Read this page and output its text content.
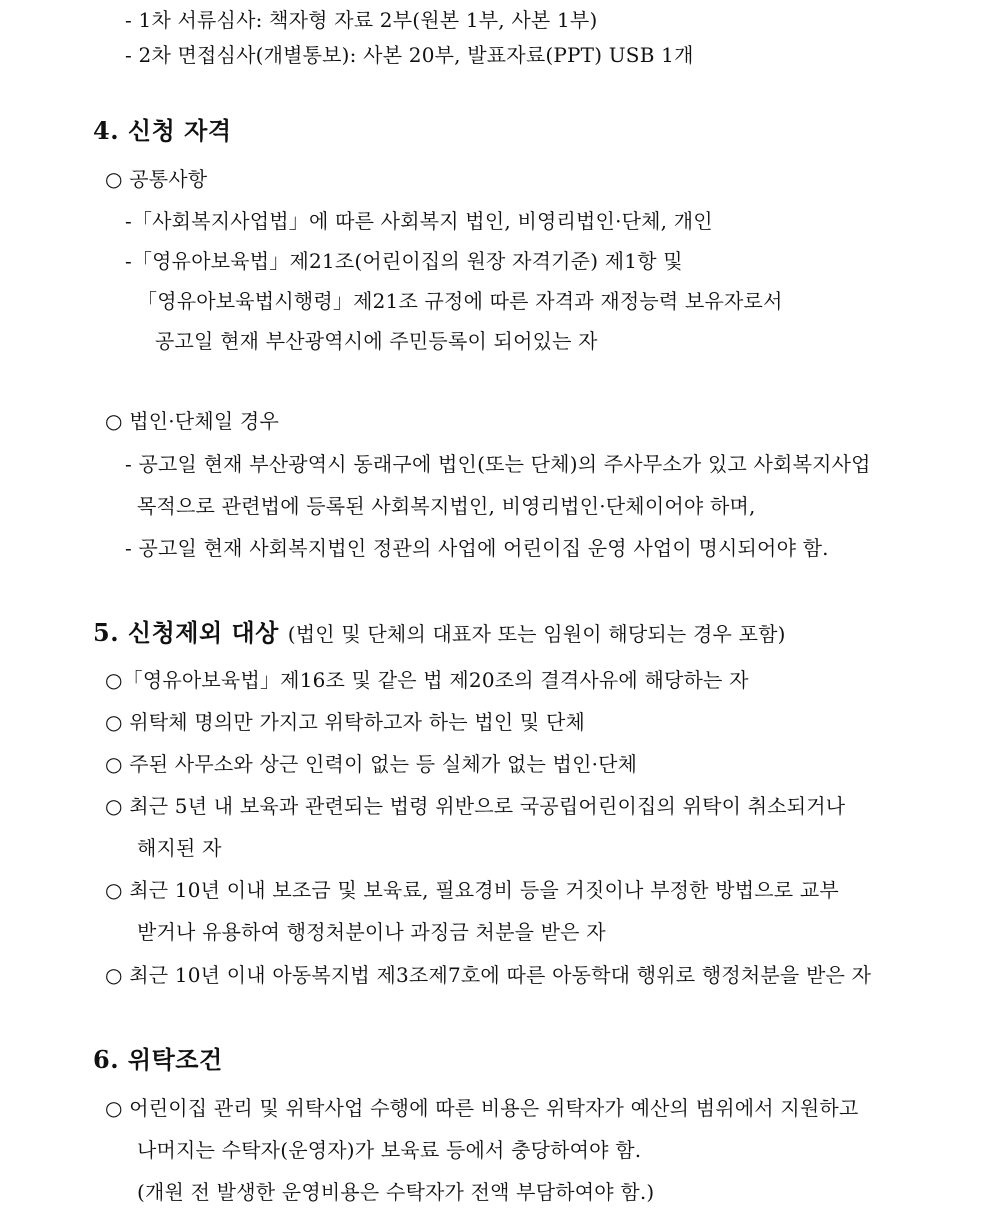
- 1차 서류심사: 책자형 자료 2부(원본 1부, 사본 1부)
- 2차 면접심사(개별통보): 사본 20부, 발표자료(PPT) USB 1개
4. 신청 자격
○ 공통사항
-「사회복지사업법」에 따른 사회복지 법인, 비영리법인·단체, 개인
-「영유아보육법」제21조(어린이집의 원장 자격기준) 제1항 및
「영유아보육법시행령」제21조 규정에 따른 자격과 재정능력 보유자로서
공고일 현재 부산광역시에 주민등록이 되어있는 자
○ 법인·단체일 경우
- 공고일 현재 부산광역시 동래구에 법인(또는 단체)의 주사무소가 있고 사회복지사업
목적으로 관련법에 등록된 사회복지법인, 비영리법인·단체이어야 하며,
- 공고일 현재 사회복지법인 정관의 사업에 어린이집 운영 사업이 명시되어야 함.
5. 신청제외 대상 (법인 및 단체의 대표자 또는 임원이 해당되는 경우 포함)
○「영유아보육법」제16조 및 같은 법 제20조의 결격사유에 해당하는 자
○ 위탁체 명의만 가지고 위탁하고자 하는 법인 및 단체
○ 주된 사무소와 상근 인력이 없는 등 실체가 없는 법인·단체
○ 최근 5년 내 보육과 관련되는 법령 위반으로 국공립어린이집의 위탁이 취소되거나
해지된 자
○ 최근 10년 이내 보조금 및 보육료, 필요경비 등을 거짓이나 부정한 방법으로 교부
받거나 유용하여 행정처분이나 과징금 처분을 받은 자
○ 최근 10년 이내 아동복지법 제3조제7호에 따른 아동학대 행위로 행정처분을 받은 자
6. 위탁조건
○ 어린이집 관리 및 위탁사업 수행에 따른 비용은 위탁자가 예산의 범위에서 지원하고
나머지는 수탁자(운영자)가 보육료 등에서 충당하여야 함.
(개원 전 발생한 운영비용은 수탁자가 전액 부담하여야 함.)
